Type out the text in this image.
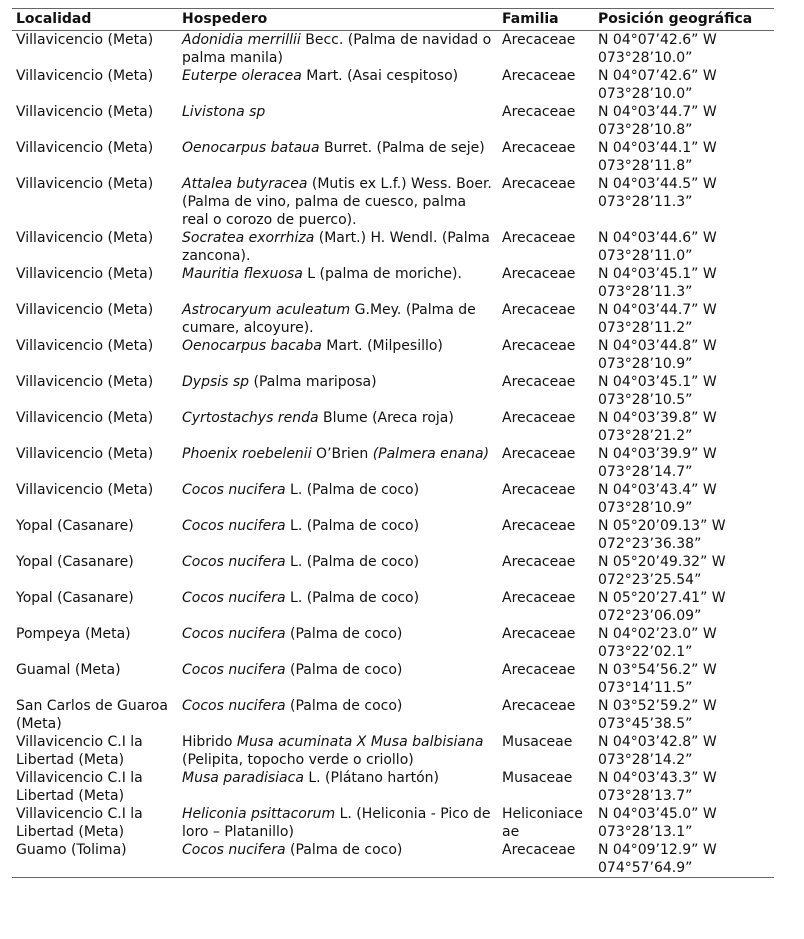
Localidad	Hospedero	Familia	Posición geográfica
Villavicencio (Meta)	Adonidia merrillii Becc. (Palma de navidad o palma manila)	Arecaceae	N 04°07’42.6” W
073°28’10.0”

Villavicencio (Meta)	Euterpe oleracea Mart. (Asai cespitoso)	Arecaceae	N 04°07’42.6” W
073°28’10.0”

Villavicencio (Meta)	Livistona sp	Arecaceae	N 04°03’44.7” W
073°28’10.8”

Villavicencio (Meta)	Oenocarpus bataua Burret. (Palma de seje)	Arecaceae	N 04°03’44.1” W
073°28’11.8”

Villavicencio (Meta)	Attalea butyracea (Mutis ex L.f.) Wess. Boer. (Palma de vino, palma de cuesco, palma real o corozo de puerco).	Arecaceae	N 04°03’44.5” W
073°28’11.3”

Villavicencio (Meta)	Socratea exorrhiza (Mart.) H. Wendl. (Palma zancona).	Arecaceae	N 04°03’44.6” W
073°28’11.0”

Villavicencio (Meta)	Mauritia flexuosa L (palma de moriche).	Arecaceae	N 04°03’45.1” W
073°28’11.3”

Villavicencio (Meta)	Astrocaryum aculeatum G.Mey. (Palma de cumare, alcoyure).	Arecaceae	N 04°03’44.7” W
073°28’11.2”

Villavicencio (Meta)	Oenocarpus bacaba Mart. (Milpesillo)	Arecaceae	N 04°03’44.8” W
073°28’10.9”

Villavicencio (Meta)	Dypsis sp (Palma mariposa)	Arecaceae	N 04°03’45.1” W
073°28’10.5”

Villavicencio (Meta)	Cyrtostachys renda Blume (Areca roja)	Arecaceae	N 04°03’39.8” W
073°28’21.2”

Villavicencio (Meta)	Phoenix roebelenii O’Brien (Palmera enana)	Arecaceae	N 04°03’39.9” W
073°28’14.7”

Villavicencio (Meta)	Cocos nucifera L. (Palma de coco)	Arecaceae	N 04°03’43.4” W
073°28’10.9”

Yopal (Casanare)	Cocos nucifera L. (Palma de coco)	Arecaceae	N 05°20’09.13” W
072°23’36.38”

Yopal (Casanare)	Cocos nucifera L. (Palma de coco)	Arecaceae	N 05°20’49.32” W
072°23’25.54”

Yopal (Casanare)	Cocos nucifera L. (Palma de coco)	Arecaceae	N 05°20’27.41” W
072°23’06.09”

Pompeya (Meta)	Cocos nucifera (Palma de coco)	Arecaceae	N 04°02’23.0” W
073°22’02.1”

Guamal (Meta)	Cocos nucifera (Palma de coco)	Arecaceae	N 03°54’56.2” W
073°14’11.5”

San Carlos de Guaroa (Meta)	Cocos nucifera (Palma de coco)	Arecaceae	N 03°52’59.2” W
073°45’38.5”

Villavicencio C.I la Libertad (Meta)	Hibrido Musa acuminata X Musa balbisiana (Pelipita, topocho verde o criollo)	Musaceae	N 04°03’42.8” W
073°28’14.2”

Villavicencio C.I la Libertad (Meta)	Musa paradisiaca L. (Plátano hartón)	Musaceae	N 04°03’43.3” W
073°28’13.7”

Villavicencio C.I la Libertad (Meta)	Heliconia psittacorum L. (Heliconia - Pico de loro – Platanillo)	Heliconiaceae	N 04°03’45.0” W
073°28’13.1”

Guamo (Tolima)	Cocos nucifera (Palma de coco)	Arecaceae	N 04°09’12.9” W
074°57’64.9”
